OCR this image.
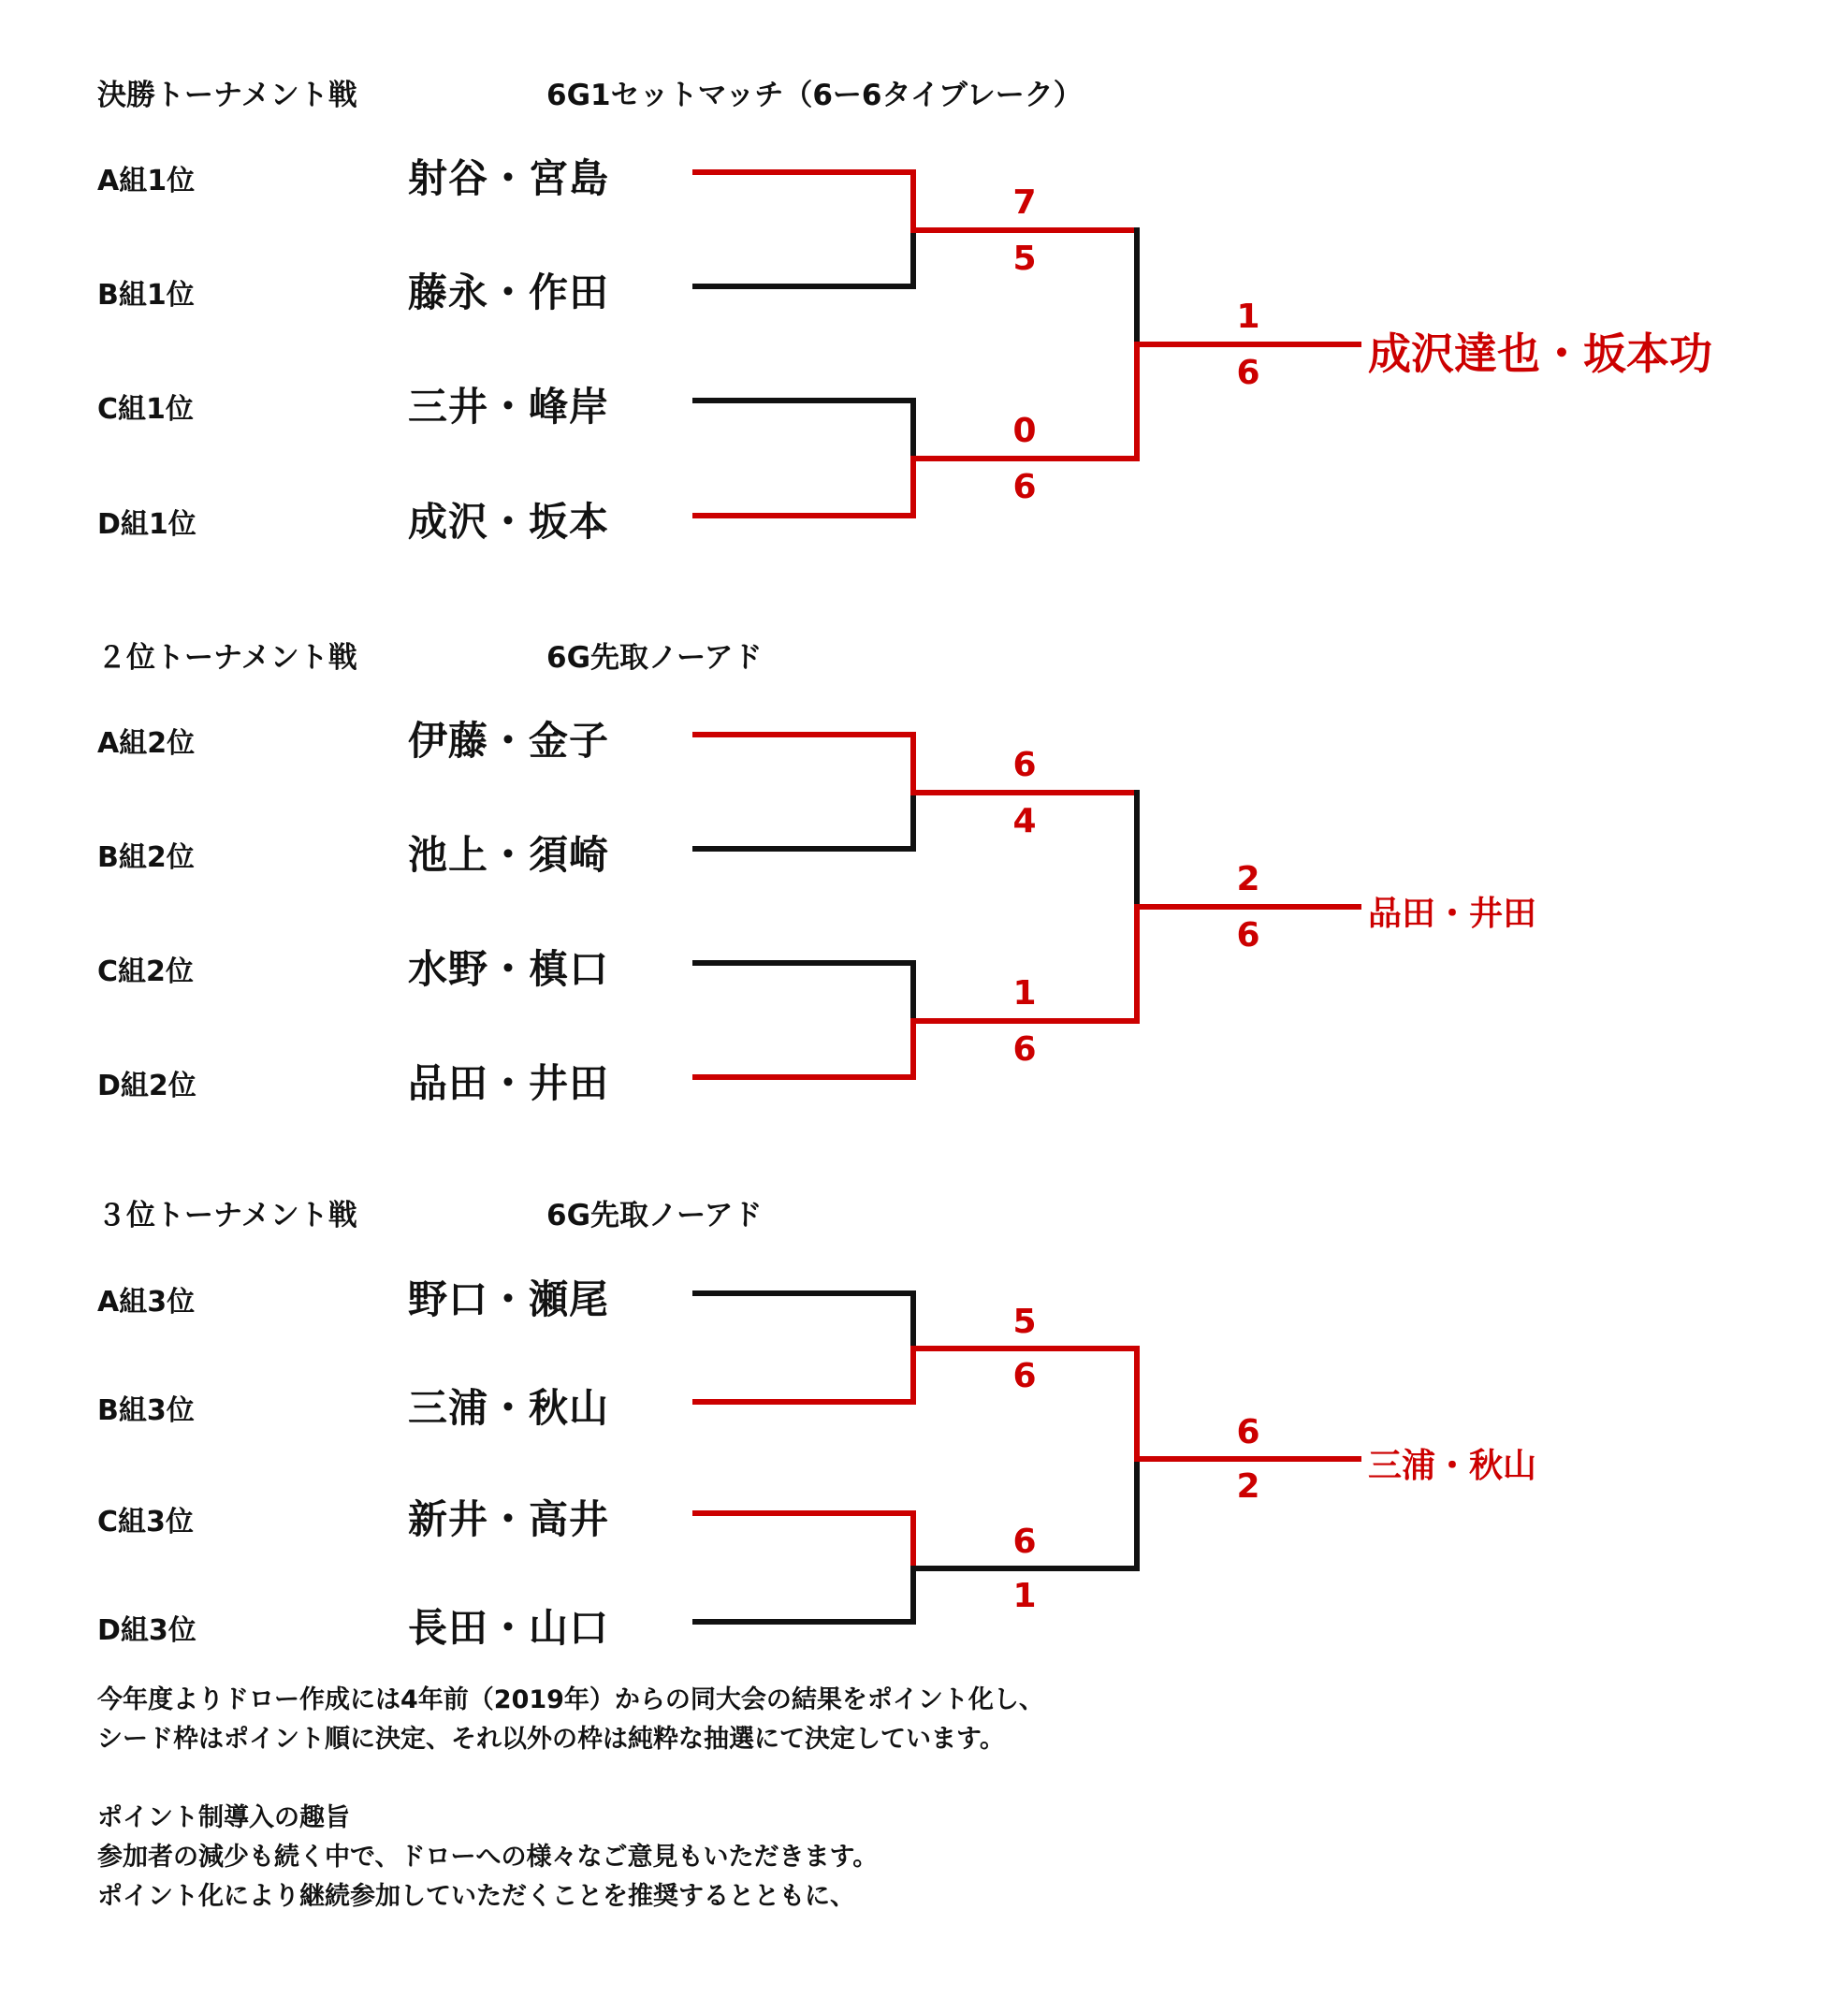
決勝トーナメント戦	6G1セットマッチ（6ー6タイブレーク）
A組1位	射谷・宮島
B組1位	藤永・作田
C組1位	三井・峰岸
D組1位	成沢・坂本
7
5
0
6
1
6	成沢達也・坂本功
２位トーナメント戦	6G先取ノーアド
A組2位	伊藤・金子
B組2位	池上・須崎
C組2位	水野・槙口
D組2位	品田・井田
6
4
1
6
2
6
品田・井田
３位トーナメント戦	6G先取ノーアド
A組3位	野口・瀬尾
B組3位	三浦・秋山
C組3位	新井・高井
D組3位	長田・山口
5
6
6
1
6
2
三浦・秋山
今年度よりドロー作成には4年前（2019年）からの同大会の結果をポイント化し、
シード枠はポイント順に決定、それ以外の枠は純粋な抽選にて決定しています。
ポイント制導入の趣旨
参加者の減少も続く中で、ドローへの様々なご意見もいただきます。
ポイント化により継続参加していただくことを推奨するとともに、
